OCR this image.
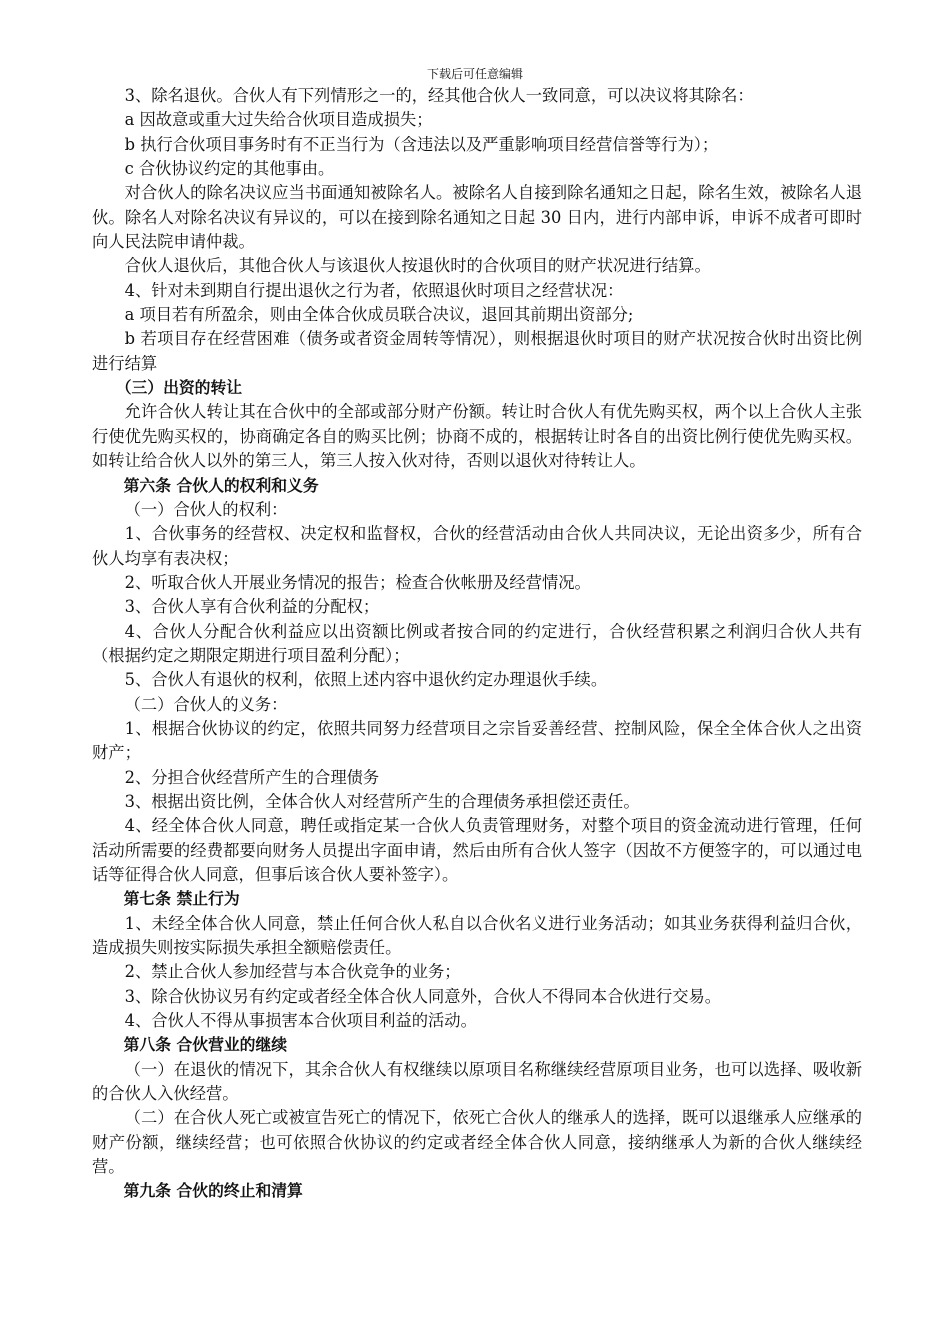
下载后可任意编辑

3、除名退伙。合伙人有下列情形之一的，经其他合伙人一致同意，可以决议将其除名：

a 因故意或重大过失给合伙项目造成损失；

b 执行合伙项目事务时有不正当行为（含违法以及严重影响项目经营信誉等行为）；

c 合伙协议约定的其他事由。

对合伙人的除名决议应当书面通知被除名人。被除名人自接到除名通知之日起，除名生效，被除名人退伙。除名人对除名决议有异议的，可以在接到除名通知之日起 30 日内，进行内部申诉，申诉不成者可即时向人民法院申请仲裁。

合伙人退伙后，其他合伙人与该退伙人按退伙时的合伙项目的财产状况进行结算。

4、针对未到期自行提出退伙之行为者，依照退伙时项目之经营状况：

a 项目若有所盈余，则由全体合伙成员联合决议，退回其前期出资部分;

b 若项目存在经营困难（债务或者资金周转等情况），则根据退伙时项目的财产状况按合伙时出资比例进行结算

（三）出资的转让

允许合伙人转让其在合伙中的全部或部分财产份额。转让时合伙人有优先购买权，两个以上合伙人主张行使优先购买权的，协商确定各自的购买比例；协商不成的，根据转让时各自的出资比例行使优先购买权。如转让给合伙人以外的第三人，第三人按入伙对待，否则以退伙对待转让人。

第六条 合伙人的权利和义务

（一）合伙人的权利：

1、合伙事务的经营权、决定权和监督权，合伙的经营活动由合伙人共同决议，无论出资多少，所有合伙人均享有表决权；

2、听取合伙人开展业务情况的报告；检查合伙帐册及经营情况。

3、合伙人享有合伙利益的分配权；

4、合伙人分配合伙利益应以出资额比例或者按合同的约定进行，合伙经营积累之利润归合伙人共有（根据约定之期限定期进行项目盈利分配）；

5、合伙人有退伙的权利，依照上述内容中退伙约定办理退伙手续。

（二）合伙人的义务：

1、根据合伙协议的约定，依照共同努力经营项目之宗旨妥善经营、控制风险，保全全体合伙人之出资财产；

2、分担合伙经营所产生的合理债务

3、根据出资比例，全体合伙人对经营所产生的合理债务承担偿还责任。

4、经全体合伙人同意，聘任或指定某一合伙人负责管理财务，对整个项目的资金流动进行管理，任何活动所需要的经费都要向财务人员提出字面申请，然后由所有合伙人签字（因故不方便签字的，可以通过电话等征得合伙人同意，但事后该合伙人要补签字）。

第七条 禁止行为

1、未经全体合伙人同意，禁止任何合伙人私自以合伙名义进行业务活动；如其业务获得利益归合伙，造成损失则按实际损失承担全额赔偿责任。

2、禁止合伙人参加经营与本合伙竞争的业务；

3、除合伙协议另有约定或者经全体合伙人同意外，合伙人不得同本合伙进行交易。

4、合伙人不得从事损害本合伙项目利益的活动。

第八条 合伙营业的继续

（一）在退伙的情况下，其余合伙人有权继续以原项目名称继续经营原项目业务，也可以选择、吸收新的合伙人入伙经营。

（二）在合伙人死亡或被宣告死亡的情况下，依死亡合伙人的继承人的选择，既可以退继承人应继承的财产份额，继续经营；也可依照合伙协议的约定或者经全体合伙人同意，接纳继承人为新的合伙人继续经营。

第九条 合伙的终止和清算
